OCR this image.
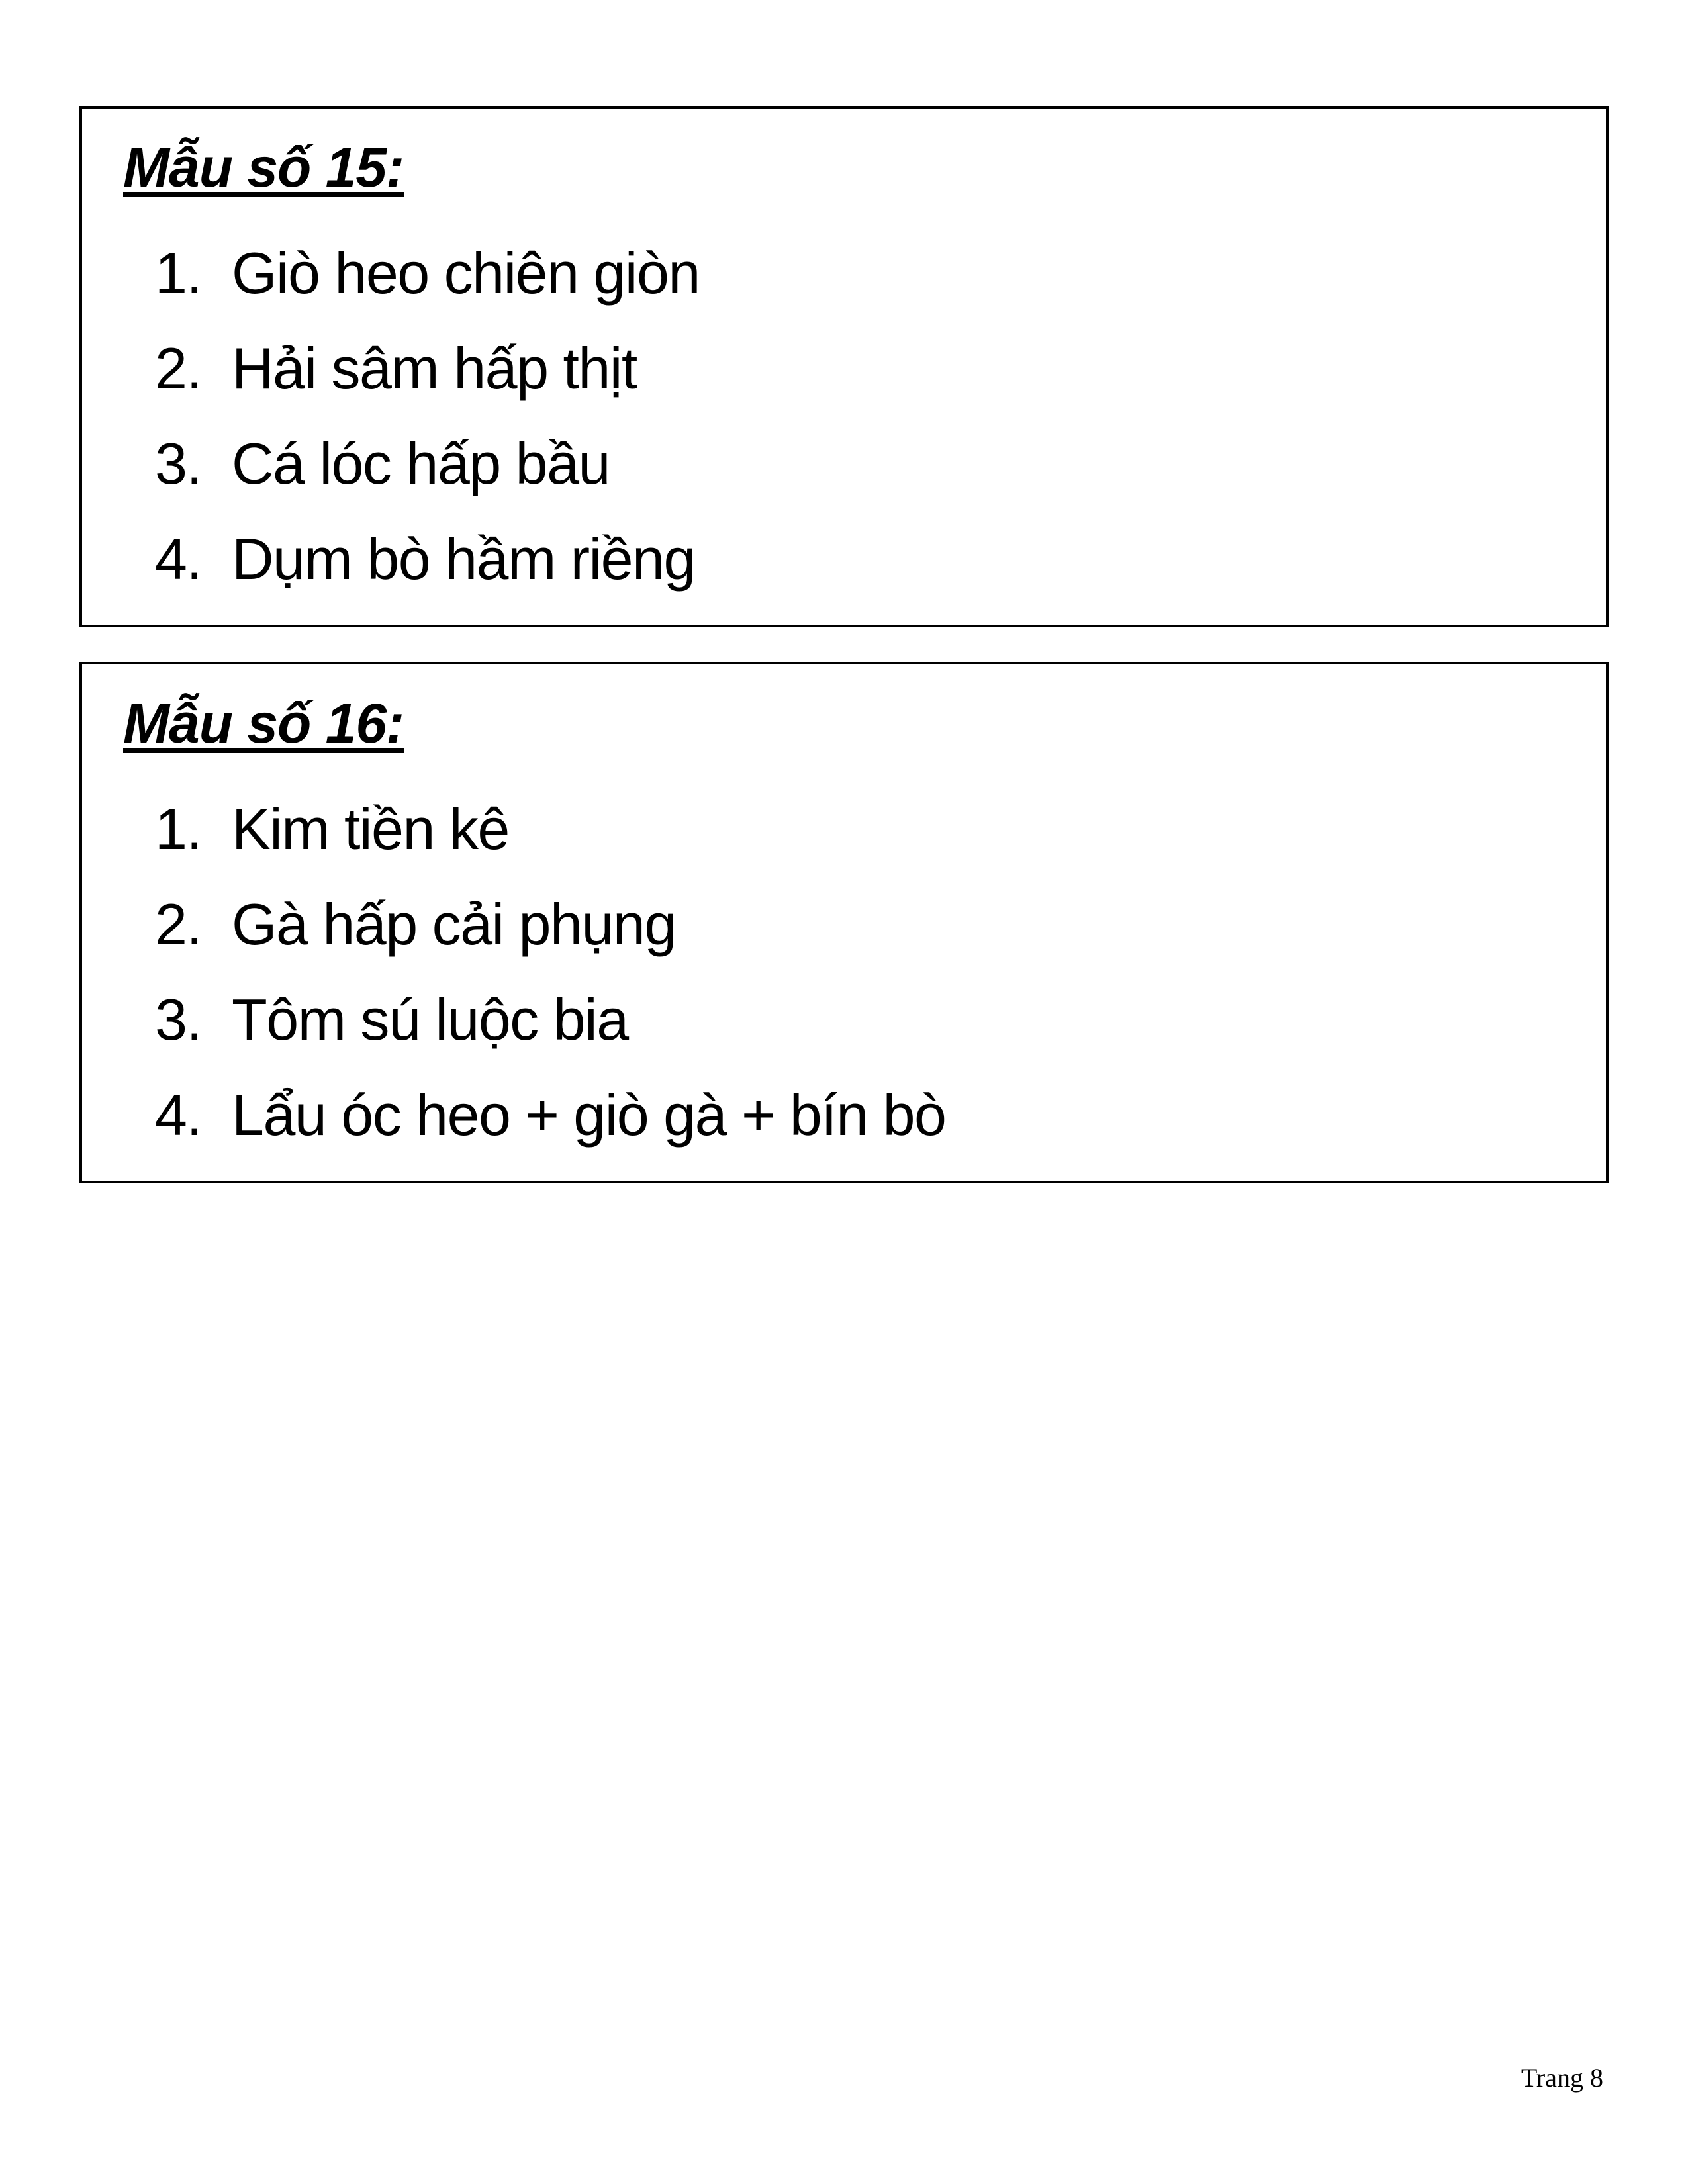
Mẫu số 15:
1. Giò heo chiên giòn
2. Hải sâm hấp thịt
3. Cá lóc hấp bầu
4. Dụm bò hầm riềng
Mẫu số 16:
1. Kim tiền kê
2. Gà hấp cải phụng
3. Tôm sú luộc bia
4. Lẩu óc heo + giò gà + bín bò
Trang 8
